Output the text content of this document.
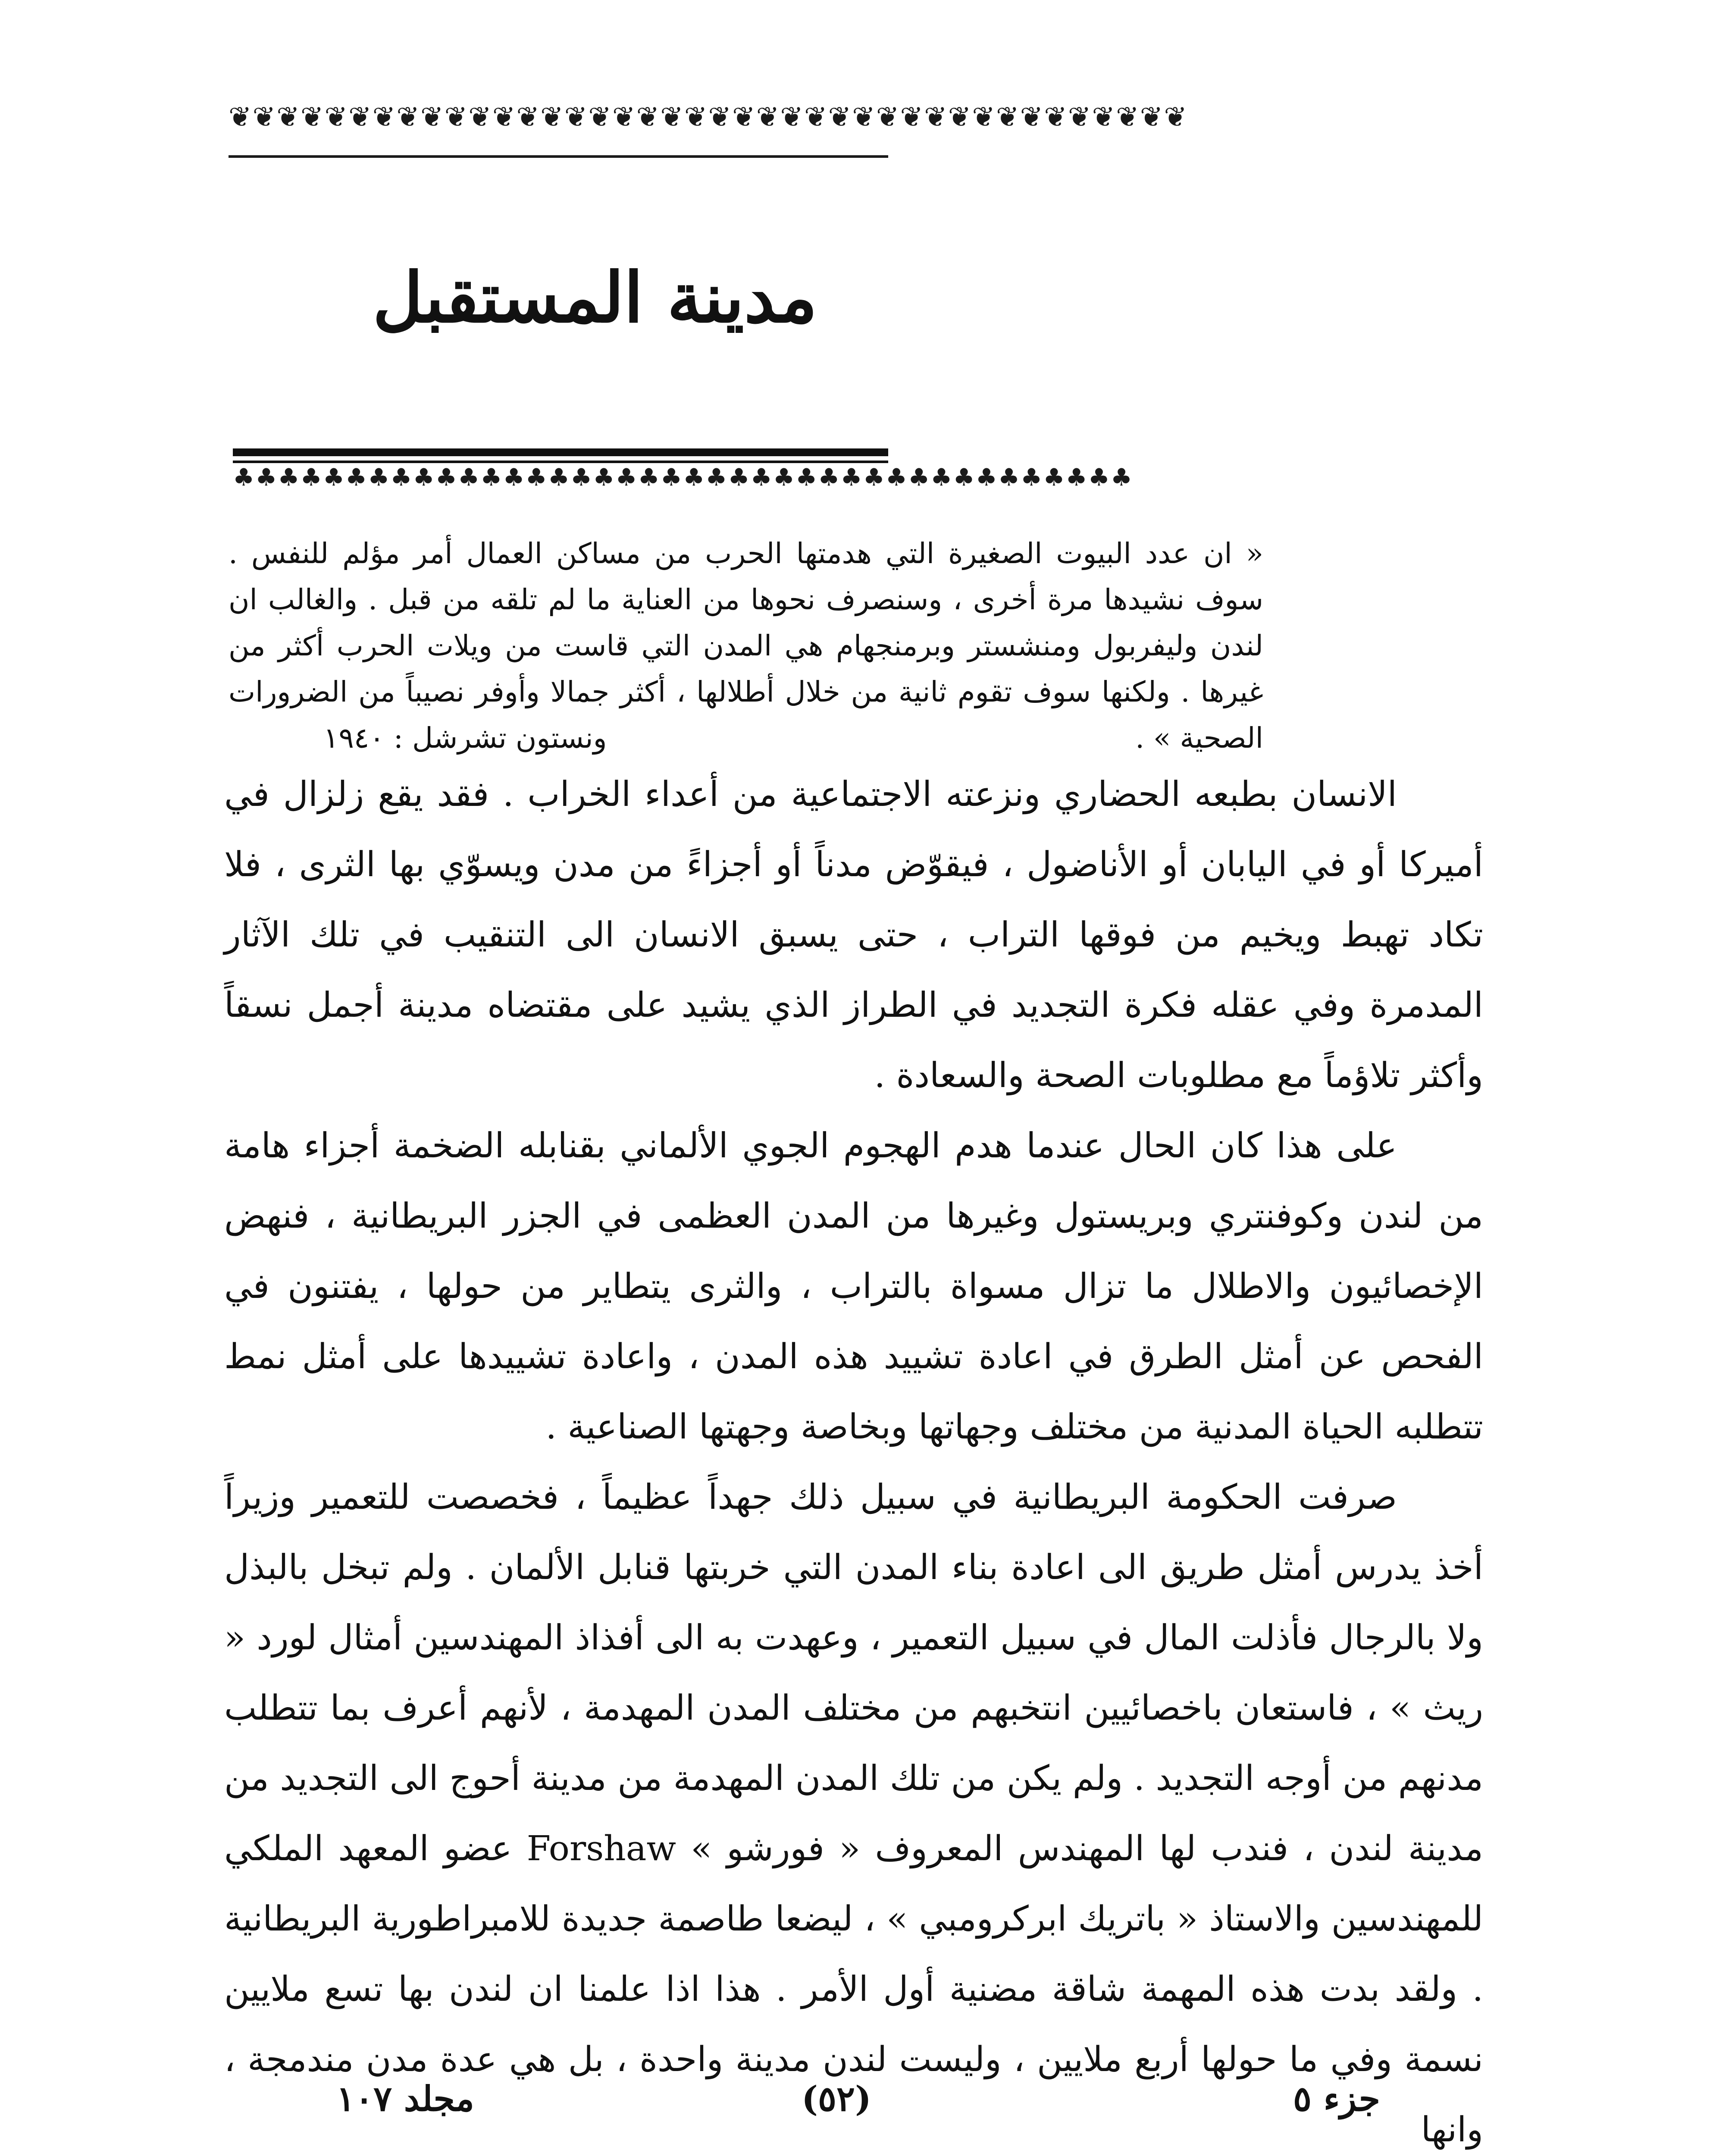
❦❦❦❦❦❦❦❦❦❦❦❦❦❦❦❦❦❦❦❦❦❦❦❦❦❦❦❦❦❦❦❦❦❦❦❦❦❦❦❦
مدينة المستقبل
♣♣♣♣♣♣♣♣♣♣♣♣♣♣♣♣♣♣♣♣♣♣♣♣♣♣♣♣♣♣♣♣♣♣♣♣♣♣♣♣
« ان عدد البيوت الصغيرة التي هدمتها الحرب من مساكن العمال أمر مؤلم للنفس . سوف نشيدها مرة أخرى ، وسنصرف نحوها من العناية ما لم تلقه من قبل . والغالب ان لندن وليفربول ومنشستر وبرمنجهام هي المدن التي قاست من ويلات الحرب أكثر من غيرها . ولكنها سوف تقوم ثانية من خلال أطلالها ، أكثر جمالا وأوفر نصيباً من الضرورات الصحية » .
ونستون تشرشل : ١٩٤٠

الانسان بطبعه الحضاري ونزعته الاجتماعية من أعداء الخراب . فقد يقع زلزال في أميركا أو في اليابان أو الأناضول ، فيقوّض مدناً أو أجزاءً من مدن ويسوّي بها الثرى ، فلا تكاد تهبط ويخيم من فوقها التراب ، حتى يسبق الانسان الى التنقيب في تلك الآثار المدمرة وفي عقله فكرة التجديد في الطراز الذي يشيد على مقتضاه مدينة أجمل نسقاً وأكثر تلاؤماً مع مطلوبات الصحة والسعادة .

على هذا كان الحال عندما هدم الهجوم الجوي الألماني بقنابله الضخمة أجزاء هامة من لندن وكوفنتري وبريستول وغيرها من المدن العظمى في الجزر البريطانية ، فنهض الإخصائيون والاطلال ما تزال مسواة بالتراب ، والثرى يتطاير من حولها ، يفتنون في الفحص عن أمثل الطرق في اعادة تشييد هذه المدن ، واعادة تشييدها على أمثل نمط تتطلبه الحياة المدنية من مختلف وجهاتها وبخاصة وجهتها الصناعية .

صرفت الحكومة البريطانية في سبيل ذلك جهداً عظيماً ، فخصصت للتعمير وزيراً أخذ يدرس أمثل طريق الى اعادة بناء المدن التي خربتها قنابل الألمان . ولم تبخل بالبذل ولا بالرجال فأذلت المال في سبيل التعمير ، وعهدت به الى أفذاذ المهندسين أمثال لورد « ريث » ، فاستعان باخصائيين انتخبهم من مختلف المدن المهدمة ، لأنهم أعرف بما تتطلب مدنهم من أوجه التجديد . ولم يكن من تلك المدن المهدمة من مدينة أحوج الى التجديد من مدينة لندن ، فندب لها المهندس المعروف « فورشو » Forshaw عضو المعهد الملكي للمهندسين والاستاذ « باتريك ابركرومبي » ، ليضعا طاصمة جديدة للامبراطورية البريطانية . ولقد بدت هذه المهمة شاقة مضنية أول الأمر . هذا اذا علمنا ان لندن بها تسع ملايين نسمة وفي ما حولها أربع ملايين ، وليست لندن مدينة واحدة ، بل هي عدة مدن مندمجة ، وانها

جزء ٥
(٥٢)
مجلد ١٠٧
